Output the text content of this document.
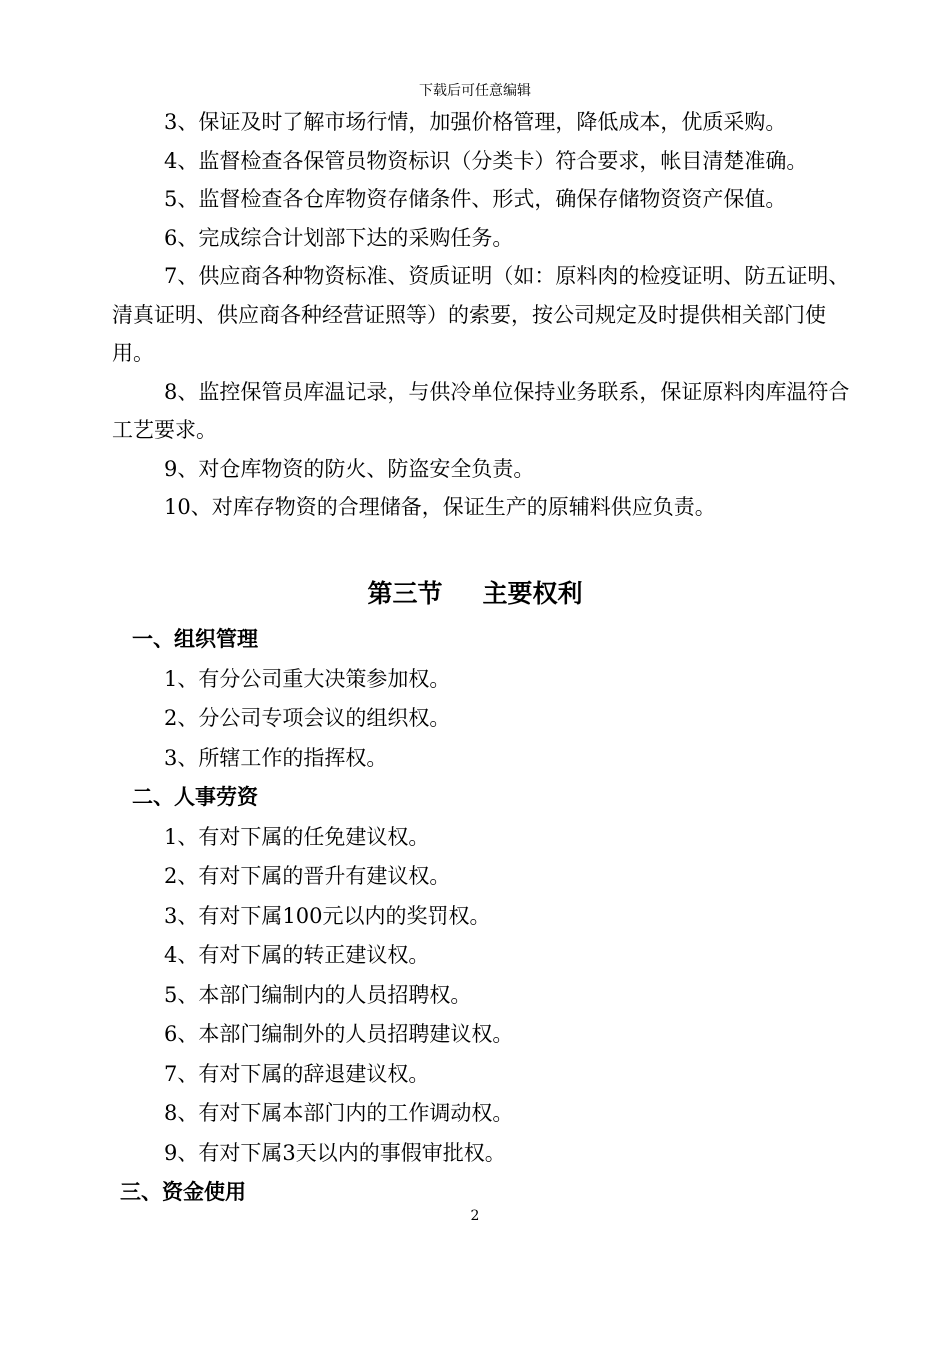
下载后可任意编辑

3、保证及时了解市场行情，加强价格管理，降低成本，优质采购。

4、监督检查各保管员物资标识（分类卡）符合要求，帐目清楚准确。

5、监督检查各仓库物资存储条件、形式，确保存储物资资产保值。

6、完成综合计划部下达的采购任务。

7、供应商各种物资标准、资质证明（如：原料肉的检疫证明、防五证明、清真证明、供应商各种经营证照等）的索要，按公司规定及时提供相关部门使用。

8、监控保管员库温记录，与供冷单位保持业务联系，保证原料肉库温符合工艺要求。

9、对仓库物资的防火、防盗安全负责。

10、对库存物资的合理储备，保证生产的原辅料供应负责。

第三节 主要权利

一、组织管理

1、有分公司重大决策参加权。

2、分公司专项会议的组织权。

3、所辖工作的指挥权。

二、人事劳资

1、有对下属的任免建议权。

2、有对下属的晋升有建议权。

3、有对下属100元以内的奖罚权。

4、有对下属的转正建议权。

5、本部门编制内的人员招聘权。

6、本部门编制外的人员招聘建议权。

7、有对下属的辞退建议权。

8、有对下属本部门内的工作调动权。

9、有对下属3天以内的事假审批权。

三、资金使用

2
